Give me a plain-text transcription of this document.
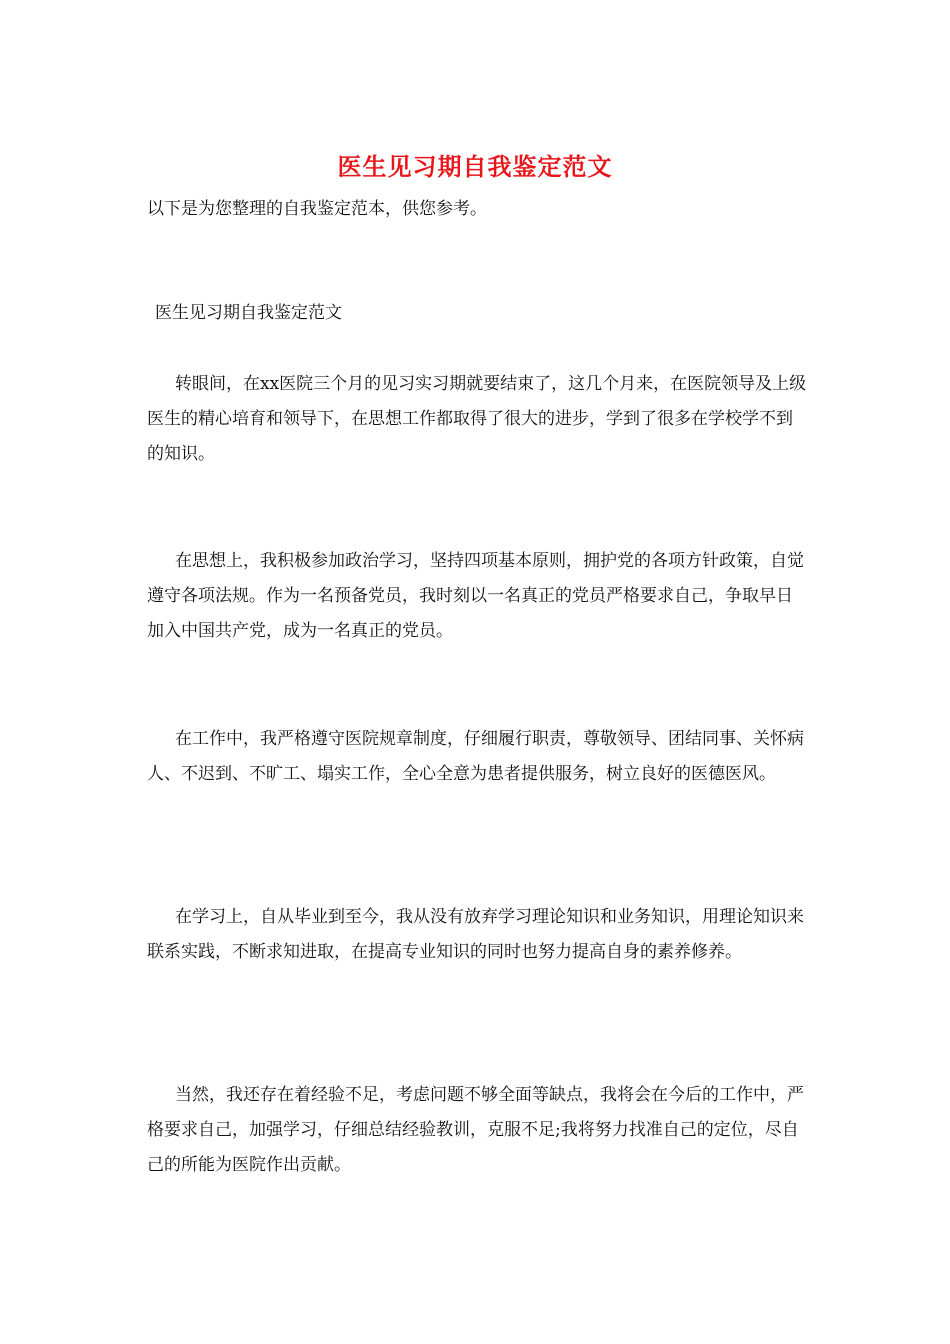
医生见习期自我鉴定范文
以下是为您整理的自我鉴定范本，供您参考。
医生见习期自我鉴定范文

转眼间，在xx医院三个月的见习实习期就要结束了，这几个月来，在医院领导及上级医生的精心培育和领导下，在思想工作都取得了很大的进步，学到了很多在学校学不到的知识。

在思想上，我积极参加政治学习，坚持四项基本原则，拥护党的各项方针政策，自觉遵守各项法规。作为一名预备党员，我时刻以一名真正的党员严格要求自己，争取早日加入中国共产党，成为一名真正的党员。

在工作中，我严格遵守医院规章制度，仔细履行职责，尊敬领导、团结同事、关怀病人、不迟到、不旷工、塌实工作，全心全意为患者提供服务，树立良好的医德医风。

在学习上，自从毕业到至今，我从没有放弃学习理论知识和业务知识，用理论知识来联系实践，不断求知进取，在提高专业知识的同时也努力提高自身的素养修养。

当然，我还存在着经验不足，考虑问题不够全面等缺点，我将会在今后的工作中，严格要求自己，加强学习，仔细总结经验教训，克服不足;我将努力找准自己的定位，尽自己的所能为医院作出贡献。
